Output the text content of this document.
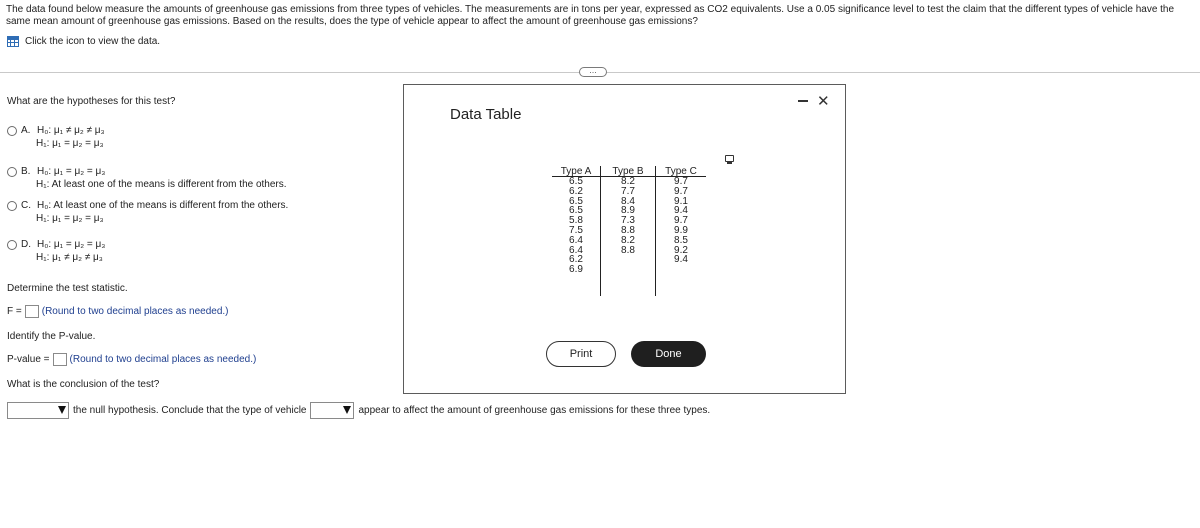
The data found below measure the amounts of greenhouse gas emissions from three types of vehicles. The measurements are in tons per year, expressed as CO2 equivalents. Use a 0.05 significance level to test the claim that the different types of vehicle have the same mean amount of greenhouse gas emissions. Based on the results, does the type of vehicle appear to affect the amount of greenhouse gas emissions?
Click the icon to view the data.
…
What are the hypotheses for this test?
A. H₀: μ₁ ≠ μ₂ ≠ μ₃
H₁: μ₁ = μ₂ = μ₃
B. H₀: μ₁ = μ₂ = μ₃
H₁: At least one of the means is different from the others.
C. H₀: At least one of the means is different from the others.
H₁: μ₁ = μ₂ = μ₃
D. H₀: μ₁ = μ₂ = μ₃
H₁: μ₁ ≠ μ₂ ≠ μ₃
Determine the test statistic.
F = (Round to two decimal places as needed.)
Identify the P-value.
P-value = (Round to two decimal places as needed.)
What is the conclusion of the test?
the null hypothesis. Conclude that the type of vehicle	appear to affect the amount of greenhouse gas emissions for these three types.
Data Table
✕
Type A
6.5
6.2
6.5
6.5
5.8
7.5
6.4
6.4
6.2
6.9
Type B
8.2
7.7
8.4
8.9
7.3
8.8
8.2
8.8
Type C
9.7
9.7
9.1
9.4
9.7
9.9
8.5
9.2
9.4
Print	Done
